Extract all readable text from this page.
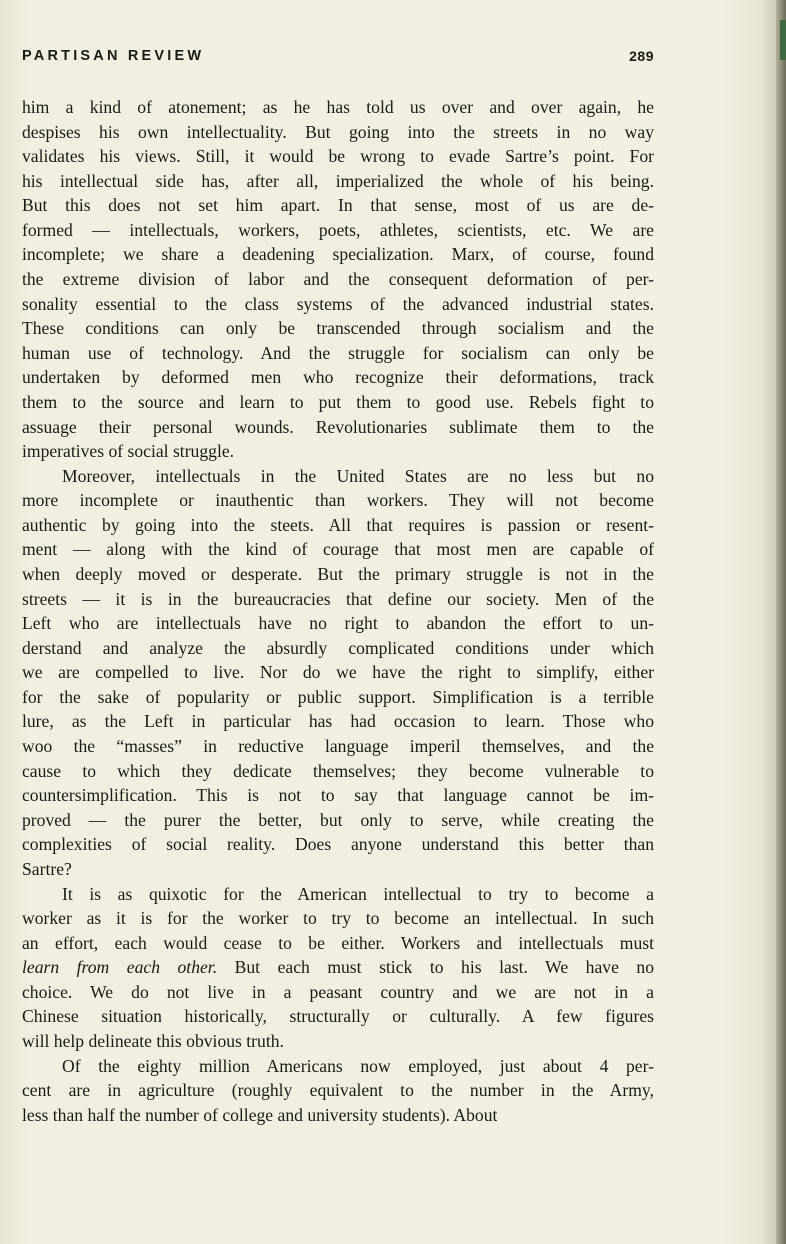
PARTISAN REVIEW	289

him a kind of atonement; as he has told us over and over again, he

despises his own intellectuality. But going into the streets in no way

validates his views. Still, it would be wrong to evade Sartre’s point. For

his intellectual side has, after all, imperialized the whole of his being.

But this does not set him apart. In that sense, most of us are de-

formed — intellectuals, workers, poets, athletes, scientists, etc. We are

incomplete; we share a deadening specialization. Marx, of course, found

the extreme division of labor and the consequent deformation of per-

sonality essential to the class systems of the advanced industrial states.

These conditions can only be transcended through socialism and the

human use of technology. And the struggle for socialism can only be

undertaken by deformed men who recognize their deformations, track

them to the source and learn to put them to good use. Rebels fight to

assuage their personal wounds. Revolutionaries sublimate them to the

imperatives of social struggle.

Moreover, intellectuals in the United States are no less but no

more incomplete or inauthentic than workers. They will not become

authentic by going into the steets. All that requires is passion or resent-

ment — along with the kind of courage that most men are capable of

when deeply moved or desperate. But the primary struggle is not in the

streets — it is in the bureaucracies that define our society. Men of the

Left who are intellectuals have no right to abandon the effort to un-

derstand and analyze the absurdly complicated conditions under which

we are compelled to live. Nor do we have the right to simplify, either

for the sake of popularity or public support. Simplification is a terrible

lure, as the Left in particular has had occasion to learn. Those who

woo the “masses” in reductive language imperil themselves, and the

cause to which they dedicate themselves; they become vulnerable to

countersimplification. This is not to say that language cannot be im-

proved — the purer the better, but only to serve, while creating the

complexities of social reality. Does anyone understand this better than

Sartre?

It is as quixotic for the American intellectual to try to become a

worker as it is for the worker to try to become an intellectual. In such

an effort, each would cease to be either. Workers and intellectuals must

learn from each other. But each must stick to his last. We have no

choice. We do not live in a peasant country and we are not in a

Chinese situation historically, structurally or culturally. A few figures

will help delineate this obvious truth.

Of the eighty million Americans now employed, just about 4 per-

cent are in agriculture (roughly equivalent to the number in the Army,

less than half the number of college and university students). About
